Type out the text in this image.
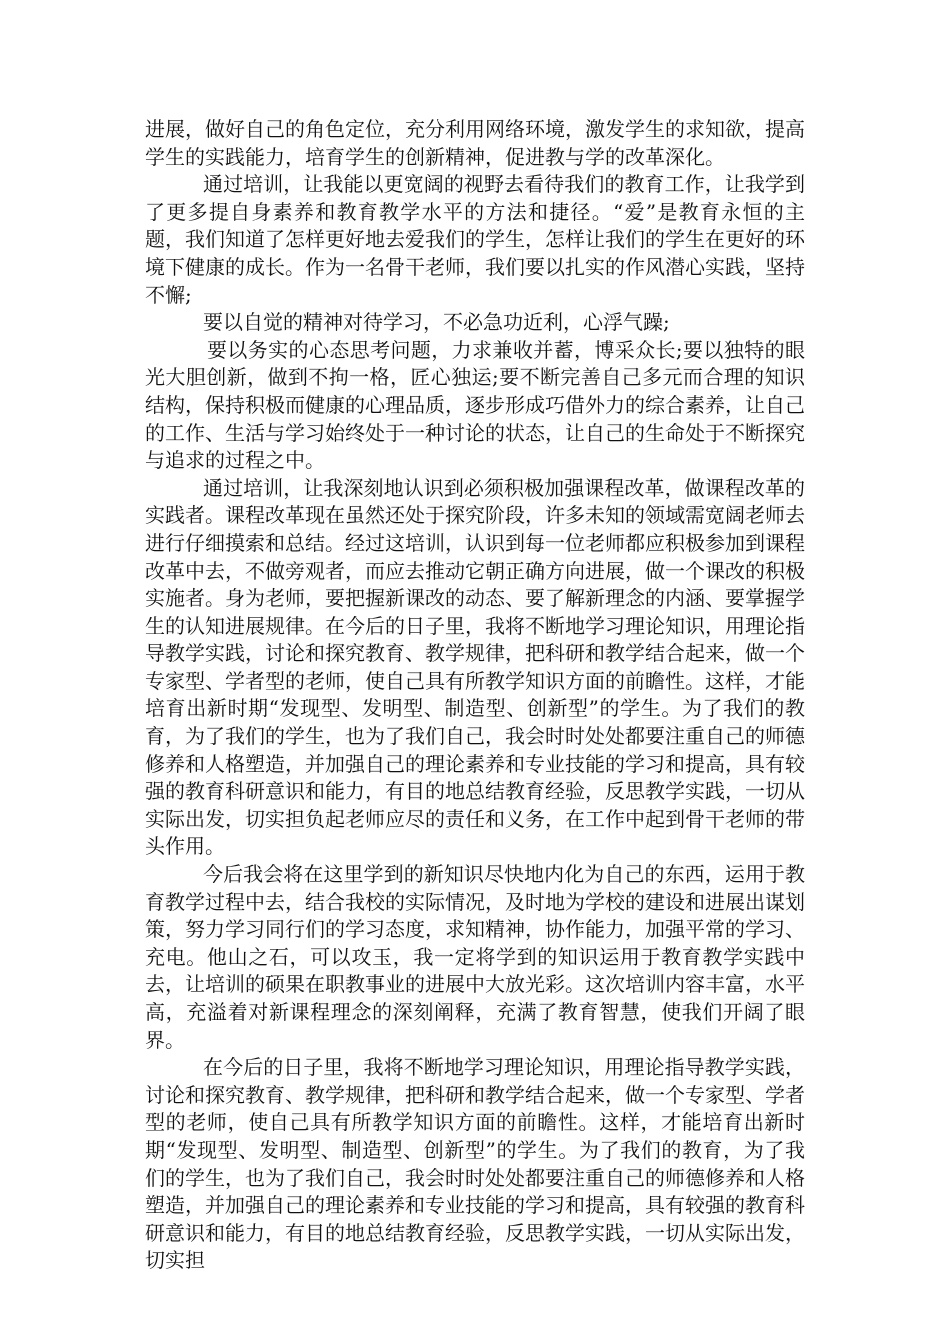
进展，做好自己的角色定位，充分利用网络环境，激发学生的求知欲，提高学生的实践能力，培育学生的创新精神，促进教与学的改革深化。

通过培训，让我能以更宽阔的视野去看待我们的教育工作，让我学到了更多提自身素养和教育教学水平的方法和捷径。“爱”是教育永恒的主题，我们知道了怎样更好地去爱我们的学生，怎样让我们的学生在更好的环境下健康的成长。作为一名骨干老师，我们要以扎实的作风潜心实践，坚持不懈;

要以自觉的精神对待学习，不必急功近利，心浮气躁;

要以务实的心态思考问题，力求兼收并蓄，博采众长;要以独特的眼光大胆创新，做到不拘一格，匠心独运;要不断完善自己多元而合理的知识结构，保持积极而健康的心理品质，逐步形成巧借外力的综合素养，让自己的工作、生活与学习始终处于一种讨论的状态，让自己的生命处于不断探究与追求的过程之中。

通过培训，让我深刻地认识到必须积极加强课程改革，做课程改革的实践者。课程改革现在虽然还处于探究阶段，许多未知的领域需宽阔老师去进行仔细摸索和总结。经过这培训，认识到每一位老师都应积极参加到课程改革中去，不做旁观者，而应去推动它朝正确方向进展，做一个课改的积极实施者。身为老师，要把握新课改的动态、要了解新理念的内涵、要掌握学生的认知进展规律。在今后的日子里，我将不断地学习理论知识，用理论指导教学实践，讨论和探究教育、教学规律，把科研和教学结合起来，做一个专家型、学者型的老师，使自己具有所教学知识方面的前瞻性。这样，才能培育出新时期“发现型、发明型、制造型、创新型”的学生。为了我们的教育，为了我们的学生，也为了我们自己，我会时时处处都要注重自己的师德修养和人格塑造，并加强自己的理论素养和专业技能的学习和提高，具有较强的教育科研意识和能力，有目的地总结教育经验，反思教学实践，一切从实际出发，切实担负起老师应尽的责任和义务，在工作中起到骨干老师的带头作用。

今后我会将在这里学到的新知识尽快地内化为自己的东西，运用于教育教学过程中去，结合我校的实际情况，及时地为学校的建设和进展出谋划策，努力学习同行们的学习态度，求知精神，协作能力，加强平常的学习、充电。他山之石，可以攻玉，我一定将学到的知识运用于教育教学实践中去，让培训的硕果在职教事业的进展中大放光彩。这次培训内容丰富，水平高，充溢着对新课程理念的深刻阐释，充满了教育智慧，使我们开阔了眼界。

在今后的日子里，我将不断地学习理论知识，用理论指导教学实践，讨论和探究教育、教学规律，把科研和教学结合起来，做一个专家型、学者型的老师，使自己具有所教学知识方面的前瞻性。这样，才能培育出新时期“发现型、发明型、制造型、创新型”的学生。为了我们的教育，为了我们的学生，也为了我们自己，我会时时处处都要注重自己的师德修养和人格塑造，并加强自己的理论素养和专业技能的学习和提高，具有较强的教育科研意识和能力，有目的地总结教育经验，反思教学实践，一切从实际出发，切实担
